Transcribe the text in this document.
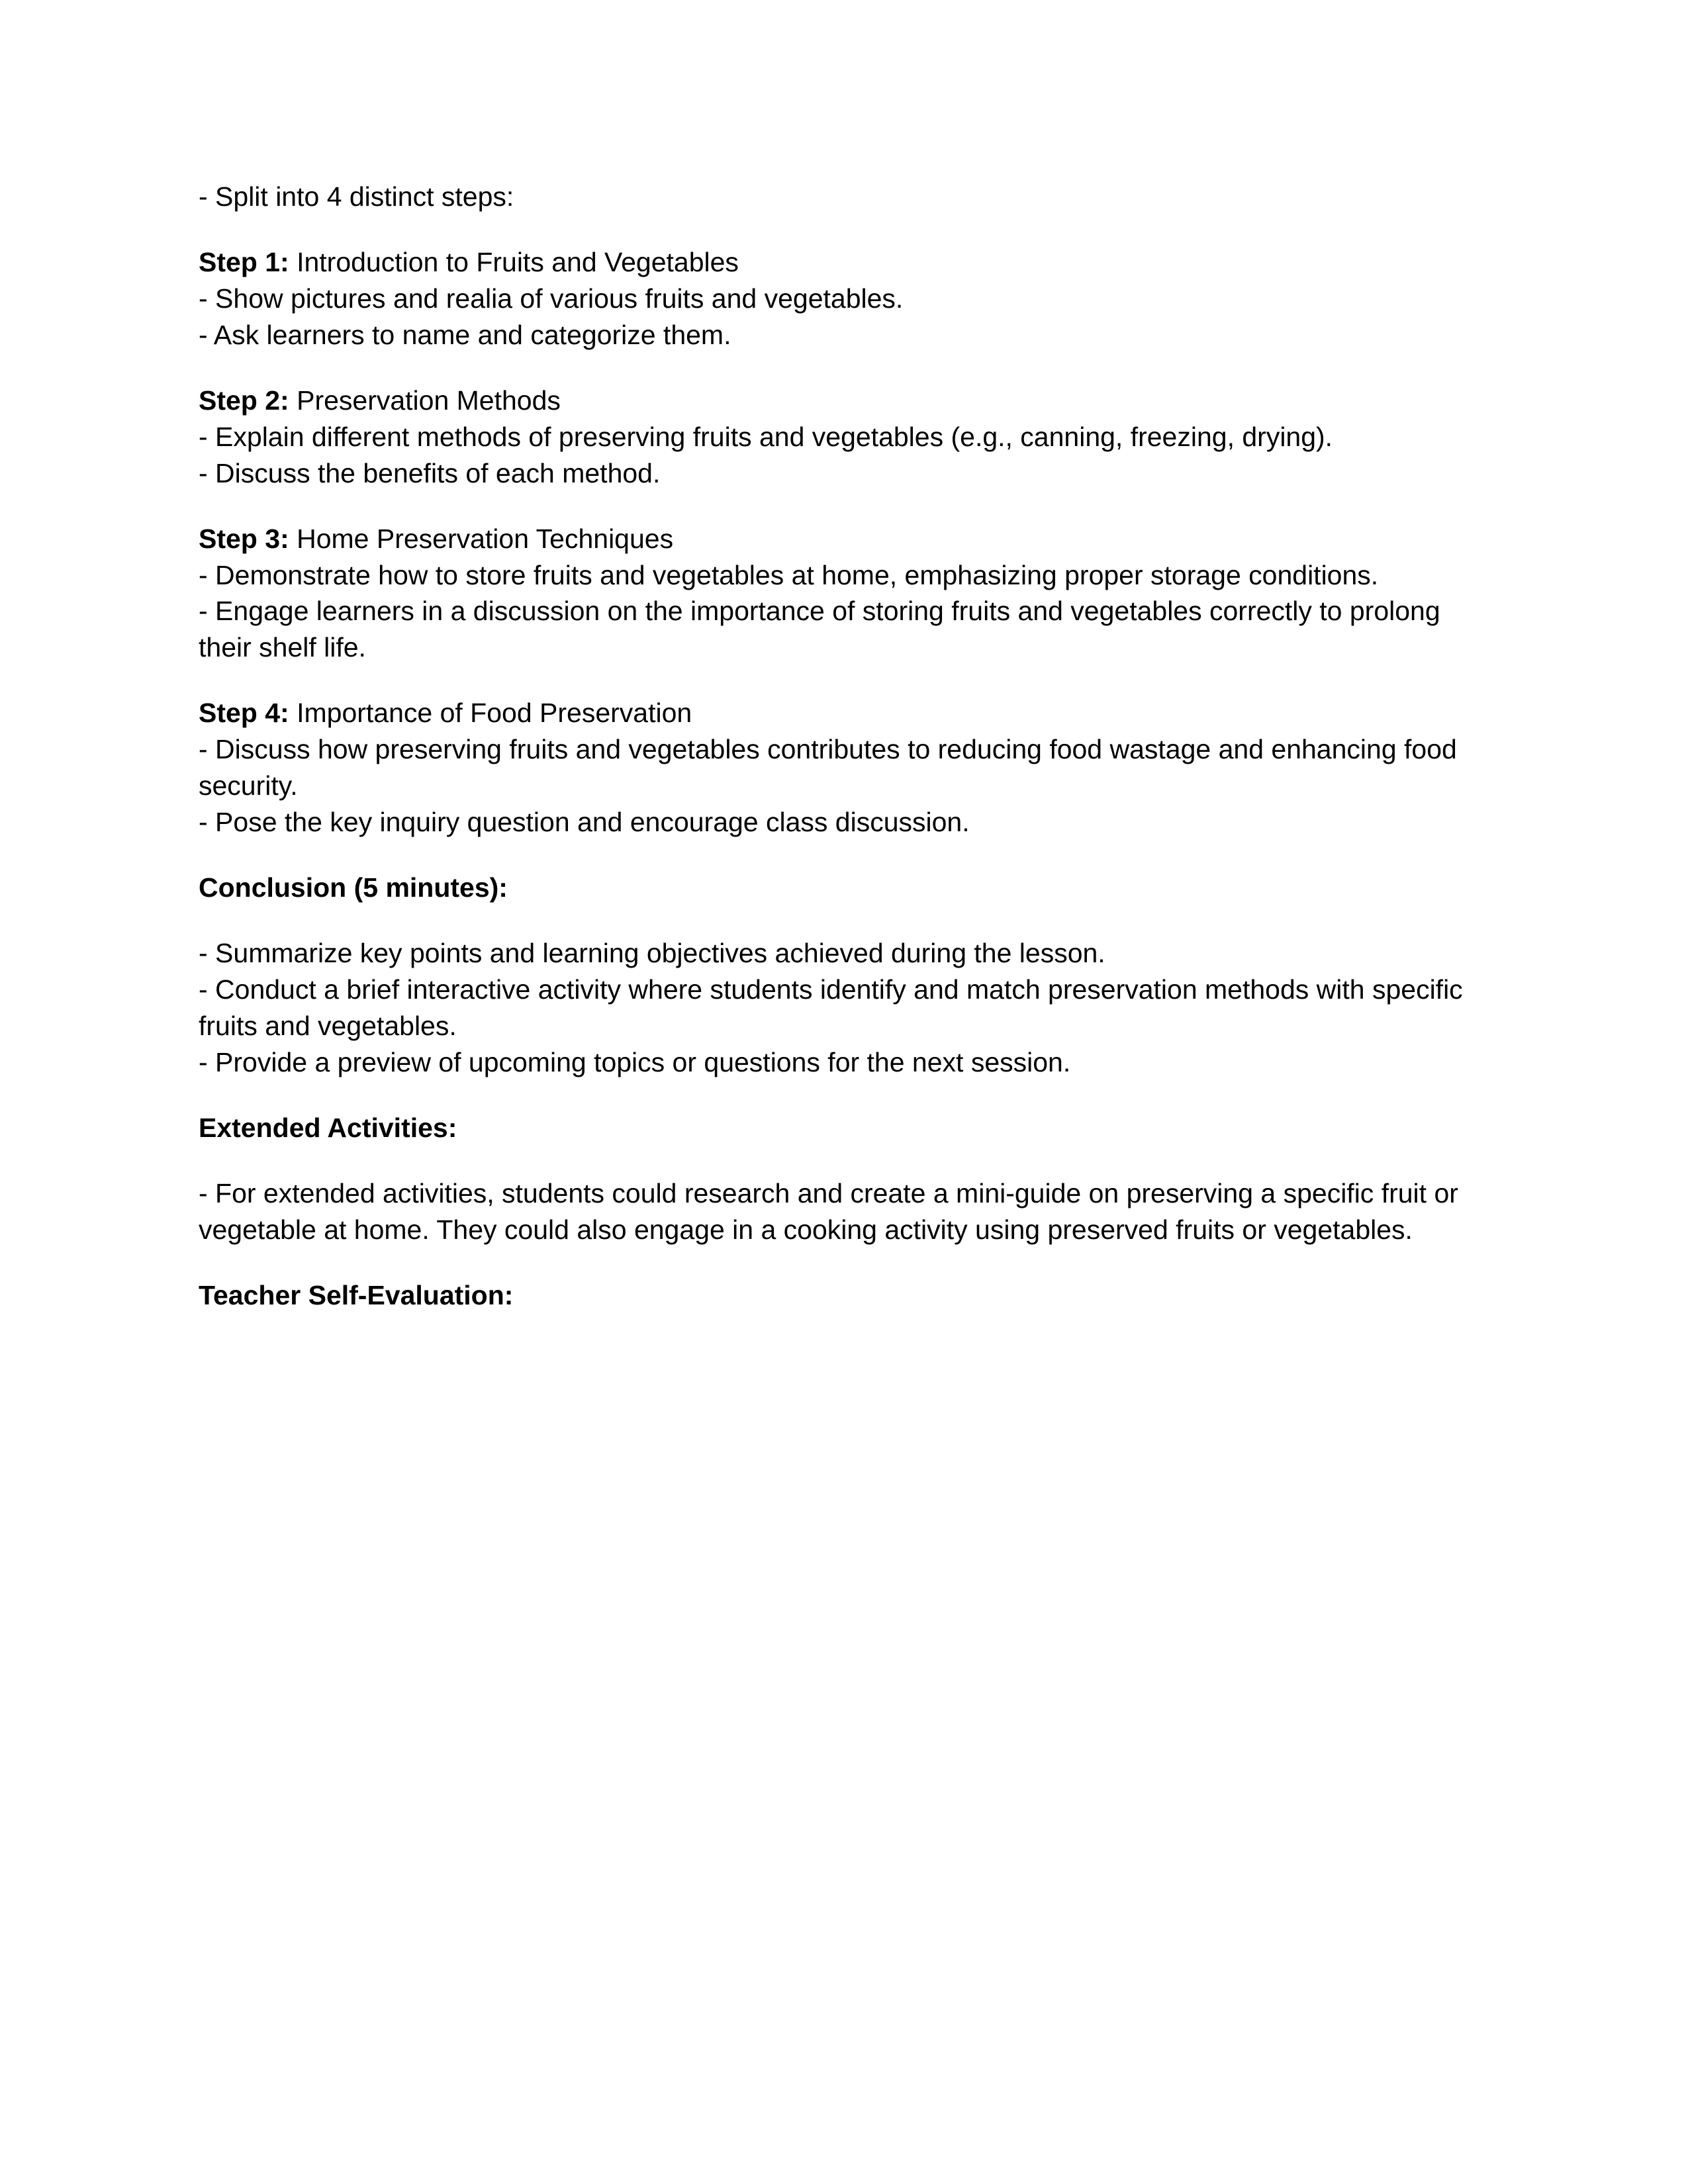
- Split into 4 distinct steps:
Step 1: Introduction to Fruits and Vegetables
- Show pictures and realia of various fruits and vegetables.
- Ask learners to name and categorize them.
Step 2: Preservation Methods
- Explain different methods of preserving fruits and vegetables (e.g., canning, freezing, drying).
- Discuss the benefits of each method.
Step 3: Home Preservation Techniques
- Demonstrate how to store fruits and vegetables at home, emphasizing proper storage conditions.
- Engage learners in a discussion on the importance of storing fruits and vegetables correctly to prolong their shelf life.
Step 4: Importance of Food Preservation
- Discuss how preserving fruits and vegetables contributes to reducing food wastage and enhancing food security.
- Pose the key inquiry question and encourage class discussion.
Conclusion (5 minutes):
- Summarize key points and learning objectives achieved during the lesson.
- Conduct a brief interactive activity where students identify and match preservation methods with specific fruits and vegetables.
- Provide a preview of upcoming topics or questions for the next session.
Extended Activities:
- For extended activities, students could research and create a mini-guide on preserving a specific fruit or vegetable at home. They could also engage in a cooking activity using preserved fruits or vegetables.
Teacher Self-Evaluation:
